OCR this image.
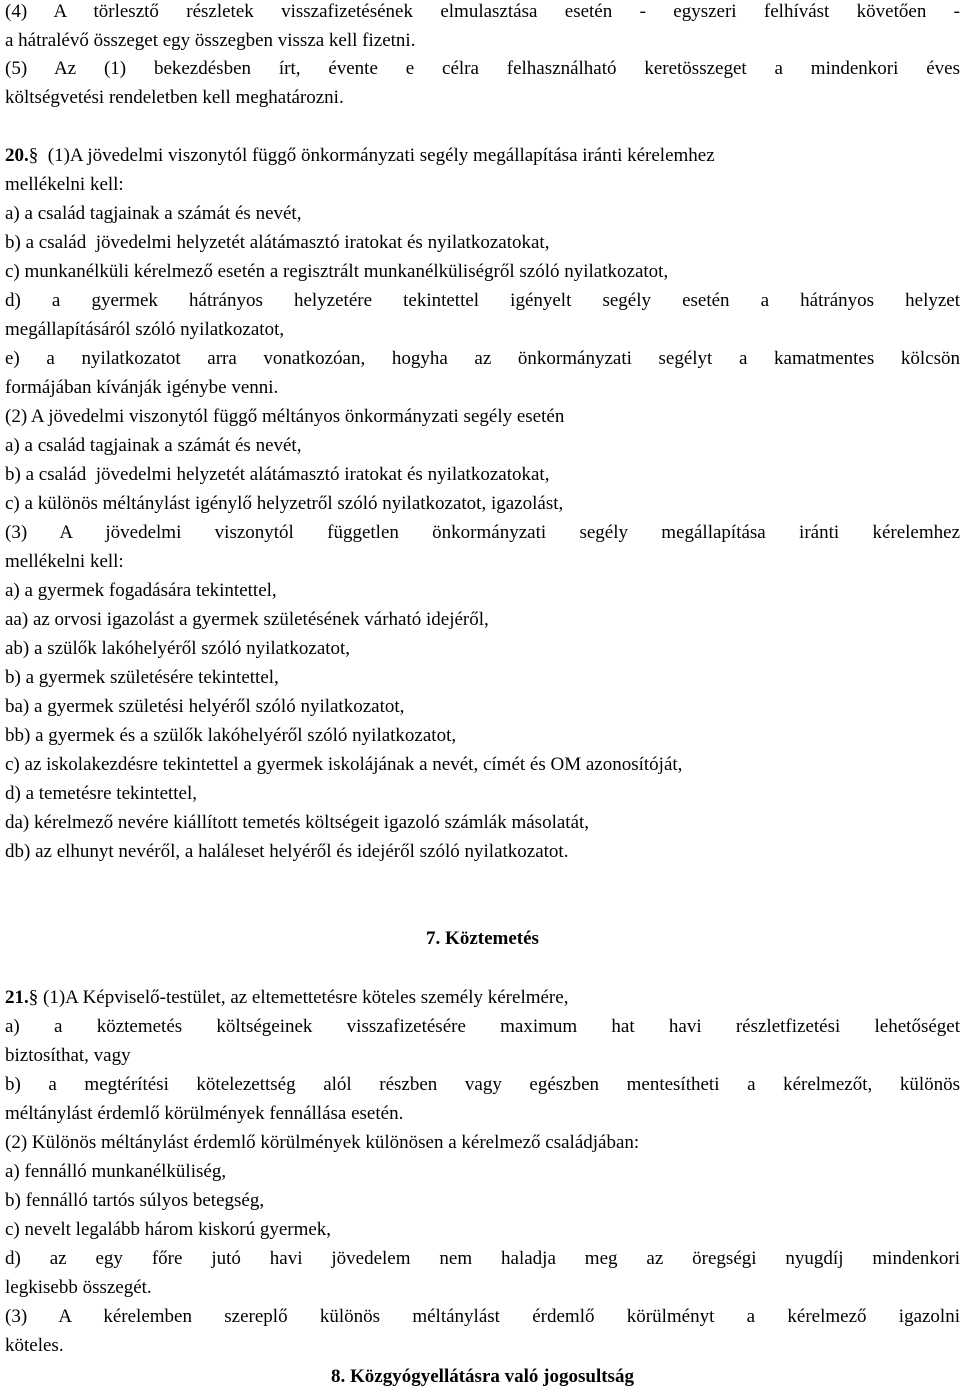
(4) A törlesztő részletek visszafizetésének elmulasztása esetén - egyszeri felhívást követően -
a hátralévő összeget egy összegben vissza kell fizetni.
(5) Az (1) bekezdésben írt, évente e célra felhasználható keretösszeget a mindenkori éves
költségvetési rendeletben kell meghatározni.
20.§  (1)A jövedelmi viszonytól függő önkormányzati segély megállapítása iránti kérelemhez
mellékelni kell:
a) a család tagjainak a számát és nevét,
b) a család  jövedelmi helyzetét alátámasztó iratokat és nyilatkozatokat,
c) munkanélküli kérelmező esetén a regisztrált munkanélküliségről szóló nyilatkozatot,
d) a gyermek hátrányos helyzetére tekintettel igényelt segély esetén a hátrányos helyzet
megállapításáról szóló nyilatkozatot,
e) a nyilatkozatot arra vonatkozóan, hogyha az önkormányzati segélyt a kamatmentes kölcsön
formájában kívánják igénybe venni.
(2) A jövedelmi viszonytól függő méltányos önkormányzati segély esetén
a) a család tagjainak a számát és nevét,
b) a család  jövedelmi helyzetét alátámasztó iratokat és nyilatkozatokat,
c) a különös méltánylást igénylő helyzetről szóló nyilatkozatot, igazolást,
(3) A jövedelmi viszonytól független önkormányzati segély megállapítása iránti kérelemhez
mellékelni kell:
a) a gyermek fogadására tekintettel,
aa) az orvosi igazolást a gyermek születésének várható idejéről,
ab) a szülők lakóhelyéről szóló nyilatkozatot,
b) a gyermek születésére tekintettel,
ba) a gyermek születési helyéről szóló nyilatkozatot,
bb) a gyermek és a szülők lakóhelyéről szóló nyilatkozatot,
c) az iskolakezdésre tekintettel a gyermek iskolájának a nevét, címét és OM azonosítóját,
d) a temetésre tekintettel,
da) kérelmező nevére kiállított temetés költségeit igazoló számlák másolatát,
db) az elhunyt nevéről, a haláleset helyéről és idejéről szóló nyilatkozatot.
7. Köztemetés
21.§ (1)A Képviselő-testület, az eltemettetésre köteles személy kérelmére,
a) a köztemetés költségeinek visszafizetésére maximum hat havi részletfizetési lehetőséget
biztosíthat, vagy
b) a megtérítési kötelezettség alól részben vagy egészben mentesítheti a kérelmezőt, különös
méltánylást érdemlő körülmények fennállása esetén.
(2) Különös méltánylást érdemlő körülmények különösen a kérelmező családjában:
a) fennálló munkanélküliség,
b) fennálló tartós súlyos betegség,
c) nevelt legalább három kiskorú gyermek,
d) az egy főre jutó havi jövedelem nem haladja meg az öregségi nyugdíj mindenkori
legkisebb összegét.
(3) A kérelemben szereplő különös méltánylást érdemlő körülményt a kérelmező igazolni
köteles.
8. Közgyógyellátásra való jogosultság
